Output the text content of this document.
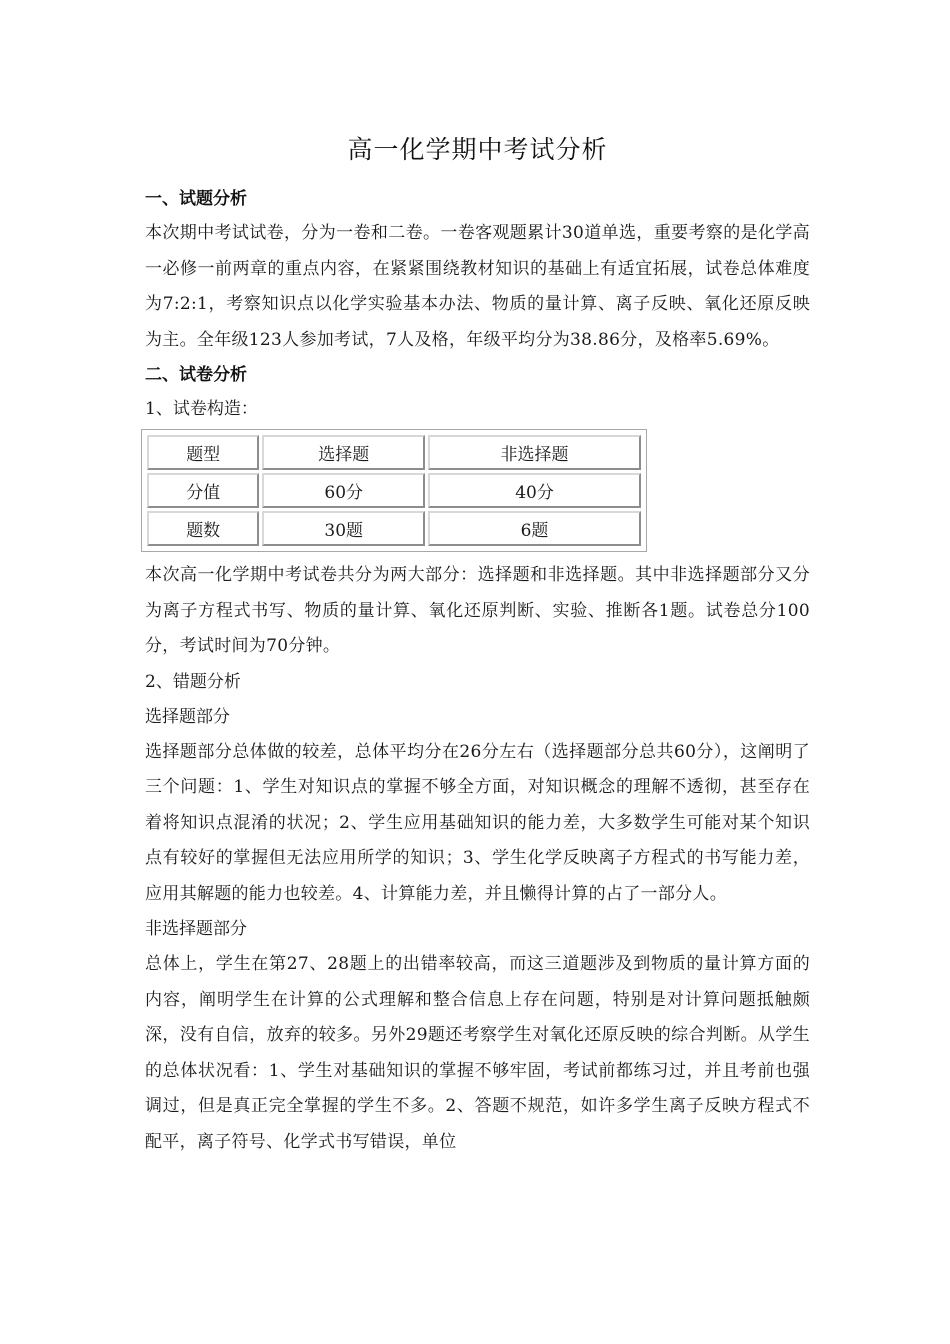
高一化学期中考试分析

一、试题分析

本次期中考试试卷，分为一卷和二卷。一卷客观题累计30道单选，重要考察的是化学高一必修一前两章的重点内容，在紧紧围绕教材知识的基础上有适宜拓展，试卷总体难度为7:2:1，考察知识点以化学实验基本办法、物质的量计算、离子反映、氧化还原反映为主。全年级123人参加考试，7人及格，年级平均分为38.86分，及格率5.69%。

二、试卷分析

1、试卷构造：

题型	选择题	非选择题
分值	60分	40分
题数	30题	6题

本次高一化学期中考试卷共分为两大部分：选择题和非选择题。其中非选择题部分又分为离子方程式书写、物质的量计算、氧化还原判断、实验、推断各1题。试卷总分100分，考试时间为70分钟。

2、错题分析

选择题部分

选择题部分总体做的较差，总体平均分在26分左右（选择题部分总共60分），这阐明了三个问题：1、学生对知识点的掌握不够全方面，对知识概念的理解不透彻，甚至存在着将知识点混淆的状况；2、学生应用基础知识的能力差，大多数学生可能对某个知识点有较好的掌握但无法应用所学的知识；3、学生化学反映离子方程式的书写能力差，应用其解题的能力也较差。4、计算能力差，并且懒得计算的占了一部分人。

非选择题部分

总体上，学生在第27、28题上的出错率较高，而这三道题涉及到物质的量计算方面的内容，阐明学生在计算的公式理解和整合信息上存在问题，特别是对计算问题抵触颇深，没有自信，放弃的较多。另外29题还考察学生对氧化还原反映的综合判断。从学生的总体状况看：1、学生对基础知识的掌握不够牢固，考试前都练习过，并且考前也强调过，但是真正完全掌握的学生不多。2、答题不规范，如许多学生离子反映方程式不配平，离子符号、化学式书写错误，单位
